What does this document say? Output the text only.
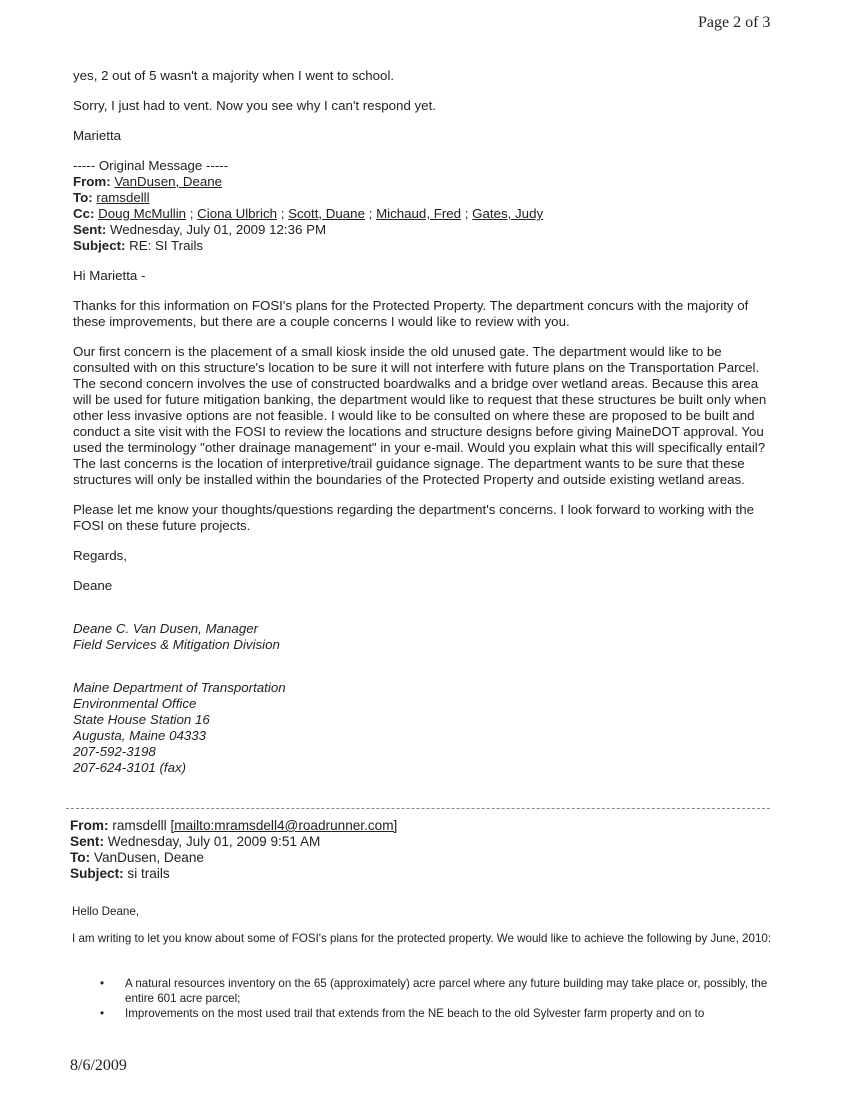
Page 2 of 3

yes, 2 out of 5 wasn't a majority when I went to school.

Sorry, I just had to vent. Now you see why I can't respond yet.

Marietta

----- Original Message -----

From: VanDusen, Deane

To: ramsdelll

Cc: Doug McMullin ; Ciona Ulbrich ; Scott, Duane ; Michaud, Fred ; Gates, Judy

Sent: Wednesday, July 01, 2009 12:36 PM

Subject: RE: SI Trails

Hi Marietta -

Thanks for this information on FOSI's plans for the Protected Property. The department concurs with the majority of these improvements, but there are a couple concerns I would like to review with you.

Our first concern is the placement of a small kiosk inside the old unused gate. The department would like to be consulted with on this structure's location to be sure it will not interfere with future plans on the Transportation Parcel. The second concern involves the use of constructed boardwalks and a bridge over wetland areas. Because this area will be used for future mitigation banking, the department would like to request that these structures be built only when other less invasive options are not feasible. I would like to be consulted on where these are proposed to be built and conduct a site visit with the FOSI to review the locations and structure designs before giving MaineDOT approval. You used the terminology "other drainage management" in your e-mail. Would you explain what this will specifically entail? The last concerns is the location of interpretive/trail guidance signage. The department wants to be sure that these structures will only be installed within the boundaries of the Protected Property and outside existing wetland areas.

Please let me know your thoughts/questions regarding the department's concerns. I look forward to working with the FOSI on these future projects.

Regards,

Deane

Deane C. Van Dusen, Manager

Field Services & Mitigation Division

Maine Department of Transportation

Environmental Office

State House Station 16

Augusta, Maine 04333

207-592-3198

207-624-3101 (fax)

From: ramsdelll [mailto:mramsdell4@roadrunner.com]

Sent: Wednesday, July 01, 2009 9:51 AM

To: VanDusen, Deane

Subject: si trails

Hello Deane,
I am writing to let you know about some of FOSI's plans for the protected property. We would like to achieve the following by June, 2010:
•	A natural resources inventory on the 65 (approximately) acre parcel where any future building may take place or, possibly, the entire 601 acre parcel;
•	Improvements on the most used trail that extends from the NE beach to the old Sylvester farm property and on to
8/6/2009
